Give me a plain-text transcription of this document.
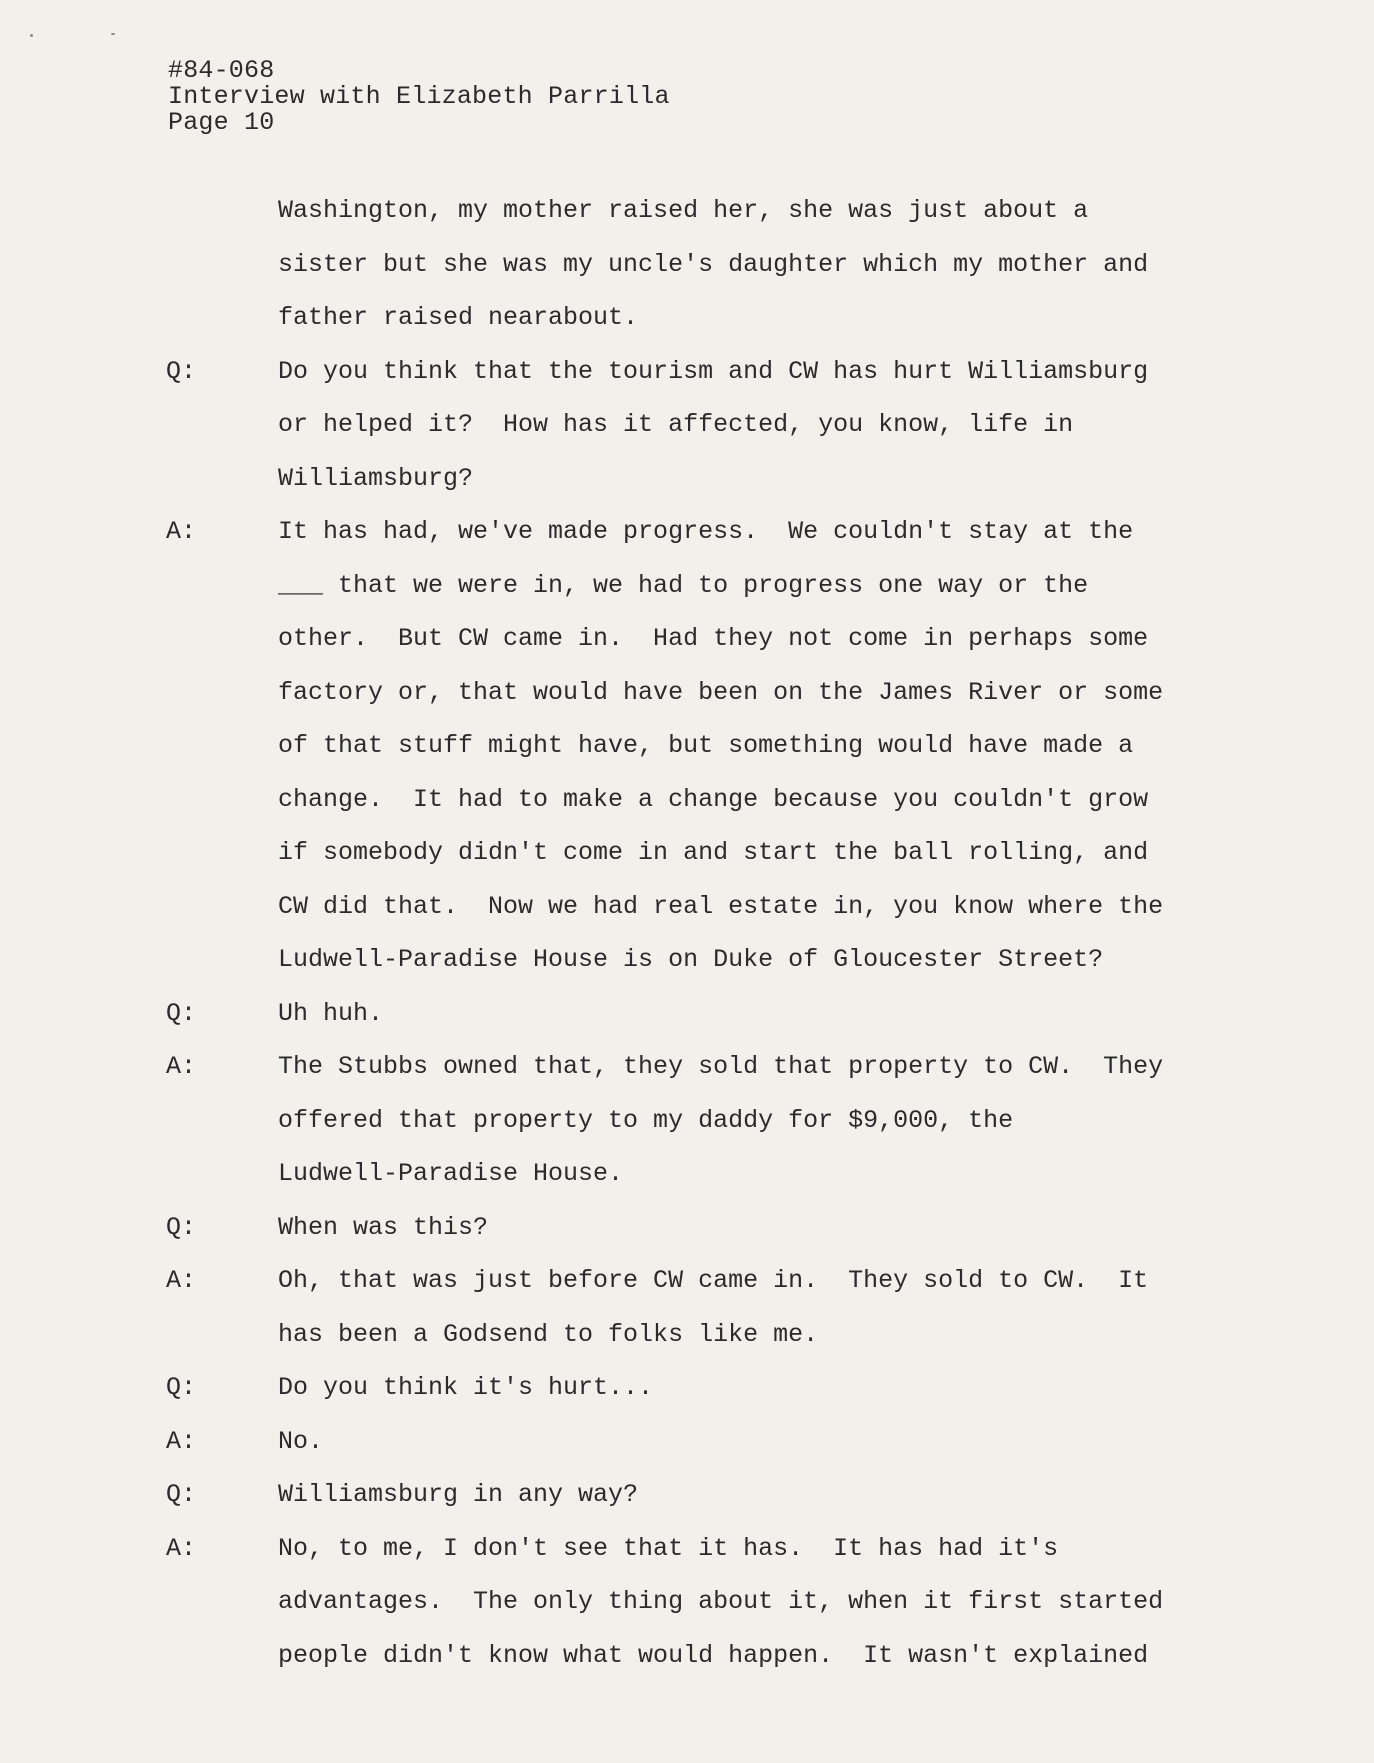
#84-068
Interview with Elizabeth Parrilla
Page 10
Washington, my mother raised her, she was just about a
sister but she was my uncle's daughter which my mother and
father raised nearabout.
Q:	Do you think that the tourism and CW has hurt Williamsburg
or helped it?  How has it affected, you know, life in
Williamsburg?
A:	It has had, we've made progress.  We couldn't stay at the
___ that we were in, we had to progress one way or the
other.  But CW came in.  Had they not come in perhaps some
factory or, that would have been on the James River or some
of that stuff might have, but something would have made a
change.  It had to make a change because you couldn't grow
if somebody didn't come in and start the ball rolling, and
CW did that.  Now we had real estate in, you know where the
Ludwell-Paradise House is on Duke of Gloucester Street?
Q:	Uh huh.
A:	The Stubbs owned that, they sold that property to CW.  They
offered that property to my daddy for $9,000, the
Ludwell-Paradise House.
Q:	When was this?
A:	Oh, that was just before CW came in.  They sold to CW.  It
has been a Godsend to folks like me.
Q:	Do you think it's hurt...
A:	No.
Q:	Williamsburg in any way?
A:	No, to me, I don't see that it has.  It has had it's
advantages.  The only thing about it, when it first started
people didn't know what would happen.  It wasn't explained
